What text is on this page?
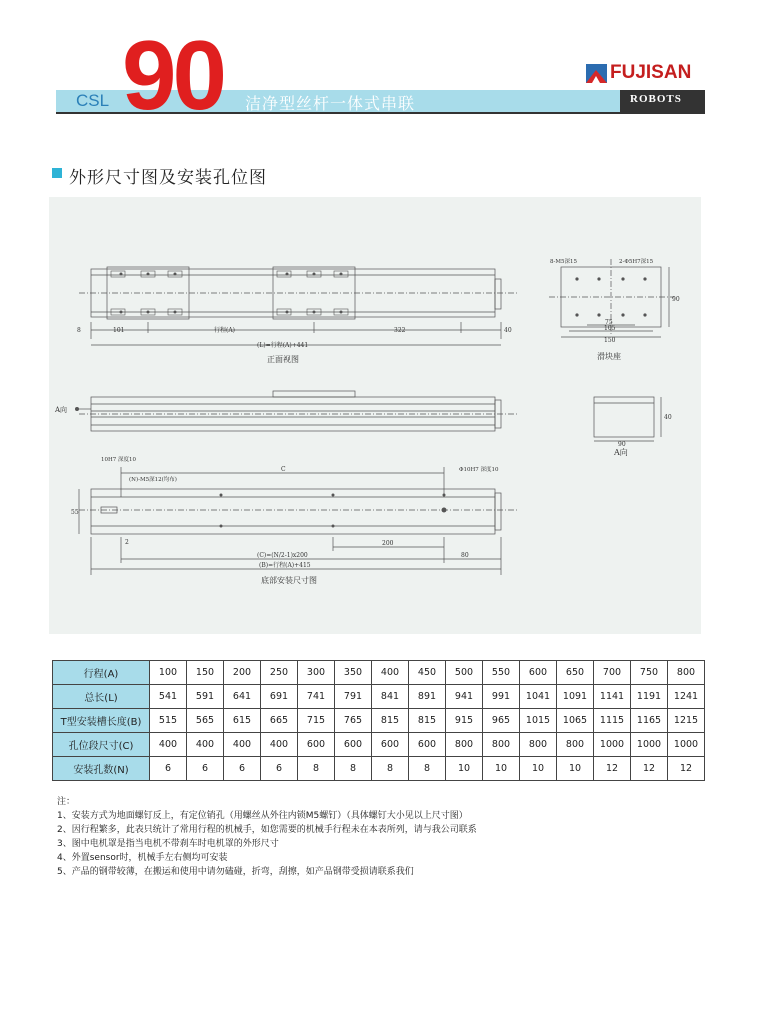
CSL 90 洁净型丝杆一体式串联
FUJISAN
ROBOTS
外形尺寸图及安装孔位图
8	101	行程(A)	322	40
(L)=行程(A)+441
正面视图
8-M5深15	2-Φ5H7深15
75
105
150
90
滑块座
A向
40
90
A向
10H7 深度10
(N)-M5深12(均布)
Φ10H7 深度10
C
55
2	200
(C)=(N/2-1)x200	80
(B)=行程(A)+415
底部安装尺寸图
行程(A)	100	150	200	250	300	350	400	450	500	550	600	650	700	750	800
总长(L)	541	591	641	691	741	791	841	891	941	991	1041	1091	1141	1191	1241
T型安装槽长度(B)	515	565	615	665	715	765	815	815	915	965	1015	1065	1115	1165	1215
孔位段尺寸(C)	400	400	400	400	600	600	600	600	800	800	800	800	1000	1000	1000
安装孔数(N)	6	6	6	6	8	8	8	8	10	10	10	10	12	12	12
注：
1、安装方式为地面螺钉反上，有定位销孔（用螺丝从外往内锁M5螺钉）（具体螺钉大小见以上尺寸图）
2、因行程繁多，此表只统计了常用行程的机械手，如您需要的机械手行程未在本表所列，请与我公司联系
3、图中电机罩是指当电机不带刹车时电机罩的外形尺寸
4、外置sensor时，机械手左右侧均可安装
5、产品的钢带较薄，在搬运和使用中请勿磕碰，折弯，刮擦，如产品钢带受损请联系我们
